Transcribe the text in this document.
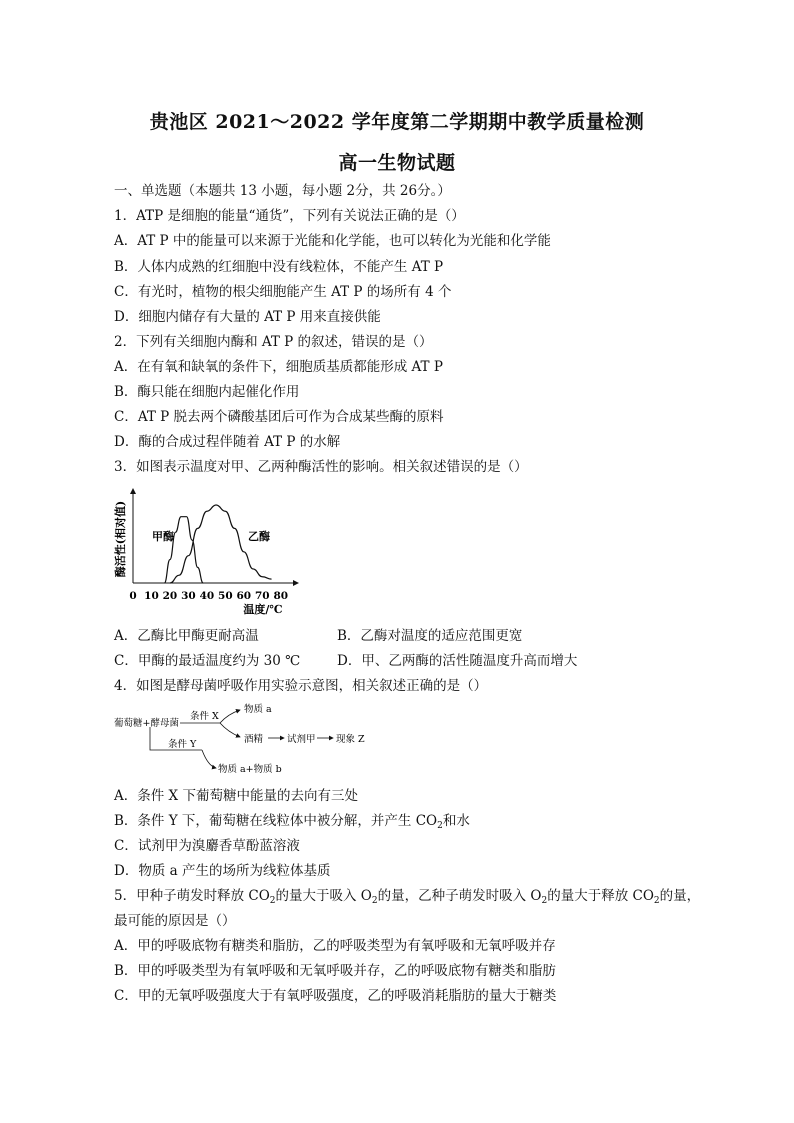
贵池区 2021～2022 学年度第二学期期中教学质量检测
高一生物试题
一、单选题（本题共 13 小题，每小题 2分，共 26分。）
1．ATP 是细胞的能量“通货”，下列有关说法正确的是（）
A．AT P 中的能量可以来源于光能和化学能，也可以转化为光能和化学能
B．人体内成熟的红细胞中没有线粒体，不能产生 AT P
C．有光时，植物的根尖细胞能产生 AT P 的场所有 4 个
D．细胞内储存有大量的 AT P 用来直接供能
2．下列有关细胞内酶和 AT P 的叙述，错误的是（）
A．在有氧和缺氧的条件下，细胞质基质都能形成 AT P
B．酶只能在细胞内起催化作用
C．AT P 脱去两个磷酸基团后可作为合成某些酶的原料
D．酶的合成过程伴随着 AT P 的水解
3．如图表示温度对甲、乙两种酶活性的影响。相关叙述错误的是（）
酶活性(相对值)
0 10 20 30 40 50 60 70 80
温度/℃
甲酶	乙酶
A．乙酶比甲酶更耐高温	B．乙酶对温度的适应范围更宽
C．甲酶的最适温度约为 30 ℃	D．甲、乙两酶的活性随温度升高而增大
4．如图是酵母菌呼吸作用实验示意图，相关叙述正确的是（）
葡萄糖+酵母菌
条件 X
物质 a
酒精	试剂甲 现象 Z
条件 Y
物质 a+物质 b
A．条件 X 下葡萄糖中能量的去向有三处
B．条件 Y 下，葡萄糖在线粒体中被分解，并产生 $CO_2$和水
C．试剂甲为溴麝香草酚蓝溶液
D．物质 a 产生的场所为线粒体基质
5．甲种子萌发时释放 $CO_2$的量大于吸入 $O_2$的量，乙种子萌发时吸入 $O_2$的量大于释放 $CO_2$的量，
最可能的原因是（）
A．甲的呼吸底物有糖类和脂肪，乙的呼吸类型为有氧呼吸和无氧呼吸并存
B．甲的呼吸类型为有氧呼吸和无氧呼吸并存，乙的呼吸底物有糖类和脂肪
C．甲的无氧呼吸强度大于有氧呼吸强度，乙的呼吸消耗脂肪的量大于糖类
